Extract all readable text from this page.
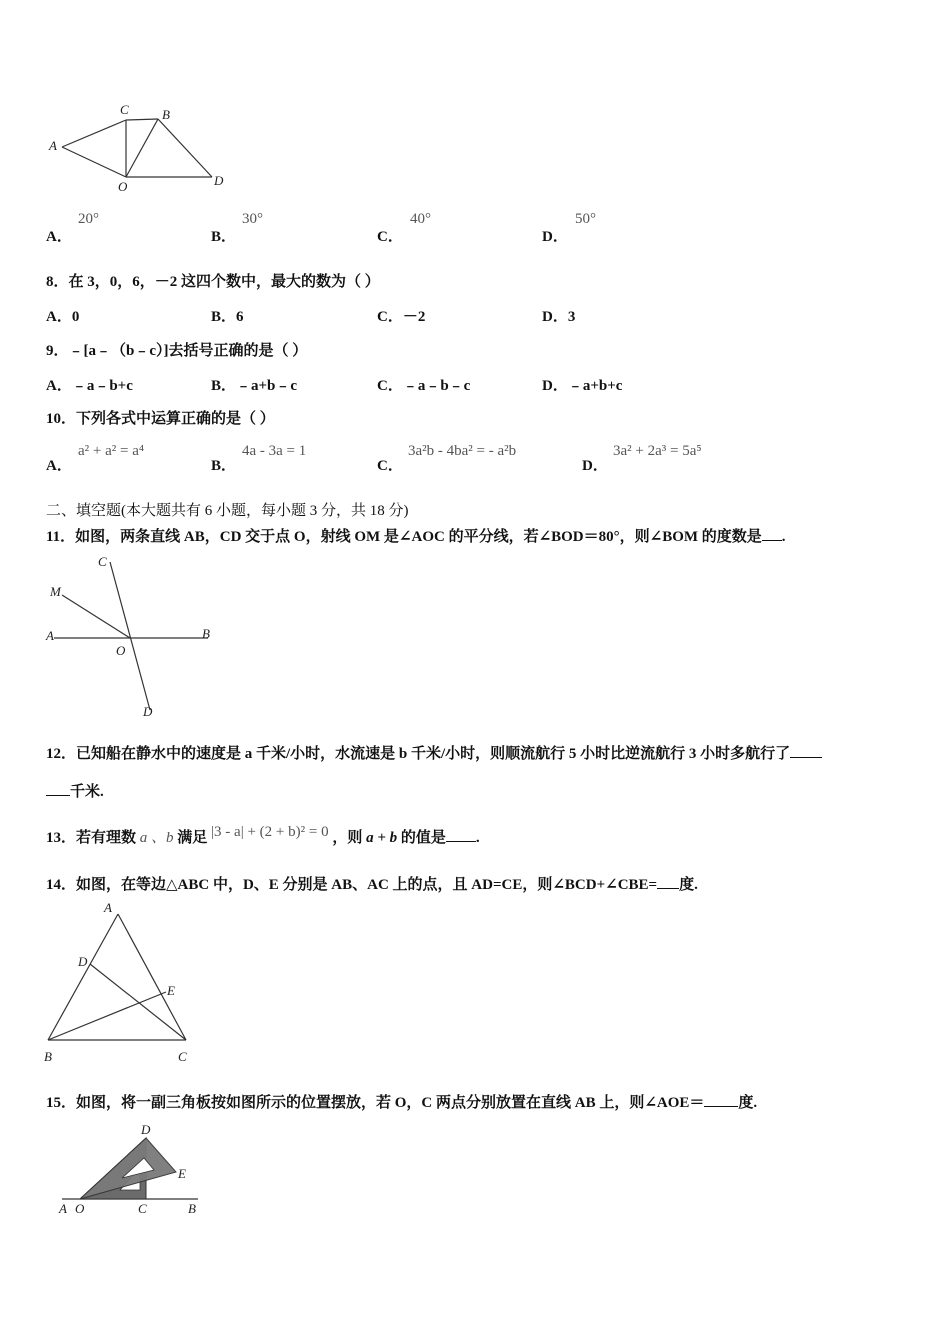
A
C	B
O	D
A．
20°
B．
30°
C．
40°
D．
50°
8．在 3，0，6，－2 这四个数中，最大的数为（ ）
A．0	B．6	C．－2	D．3
9．﹣[a﹣（b﹣c）]去括号正确的是（ ）
A．﹣a﹣b+c	B．﹣a+b﹣c	C．﹣a﹣b﹣c	D．﹣a+b+c
10．下列各式中运算正确的是（ ）
A．
a² + a² = a⁴
B．
4a - 3a = 1
C．
3a²b - 4ba² = - a²b
D．
3a² + 2a³ = 5a⁵
二、填空题(本大题共有 6 小题，每小题 3 分，共 18 分)
11．如图，两条直线 AB，CD 交于点 O，射线 OM 是∠AOC 的平分线，若∠BOD＝80°，则∠BOM 的度数是 .
C
M
A
O
B
D
12．已知船在静水中的速度是 a 千米/小时，水流速是 b 千米/小时，则顺流航行 5 小时比逆流航行 3 小时多航行了
千米.
13．若有理数 a 、b 满足 |3 - a| + (2 + b)² = 0 ，则 a + b 的值是 .
14．如图，在等边△ABC 中，D、E 分别是 AB、AC 上的点，且 AD=CE，则∠BCD+∠CBE= 度.
A
D
E
B	C
15．如图，将一副三角板按如图所示的位置摆放，若 O，C 两点分别放置在直线 AB 上，则∠AOE＝ 度.
D
E
A O	C	B
